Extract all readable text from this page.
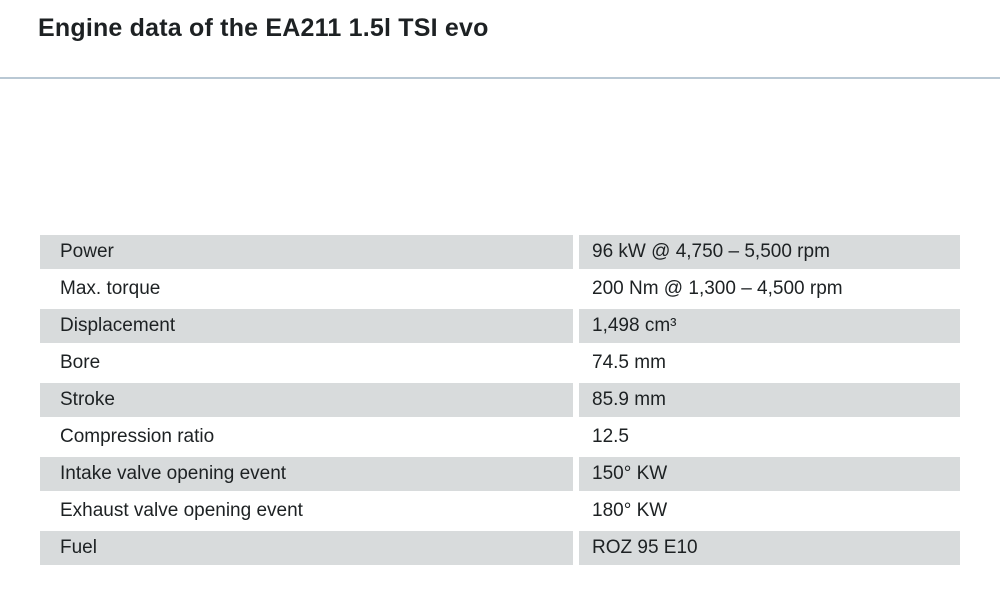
Engine data of the EA211 1.5l TSI evo
Power	96 kW @ 4,750 – 5,500 rpm
Max. torque	200 Nm @ 1,300 – 4,500 rpm
Displacement	1,498 cm³
Bore	74.5 mm
Stroke	85.9 mm
Compression ratio	12.5
Intake valve opening event	150° KW
Exhaust valve opening event	180° KW
Fuel	ROZ 95 E10
